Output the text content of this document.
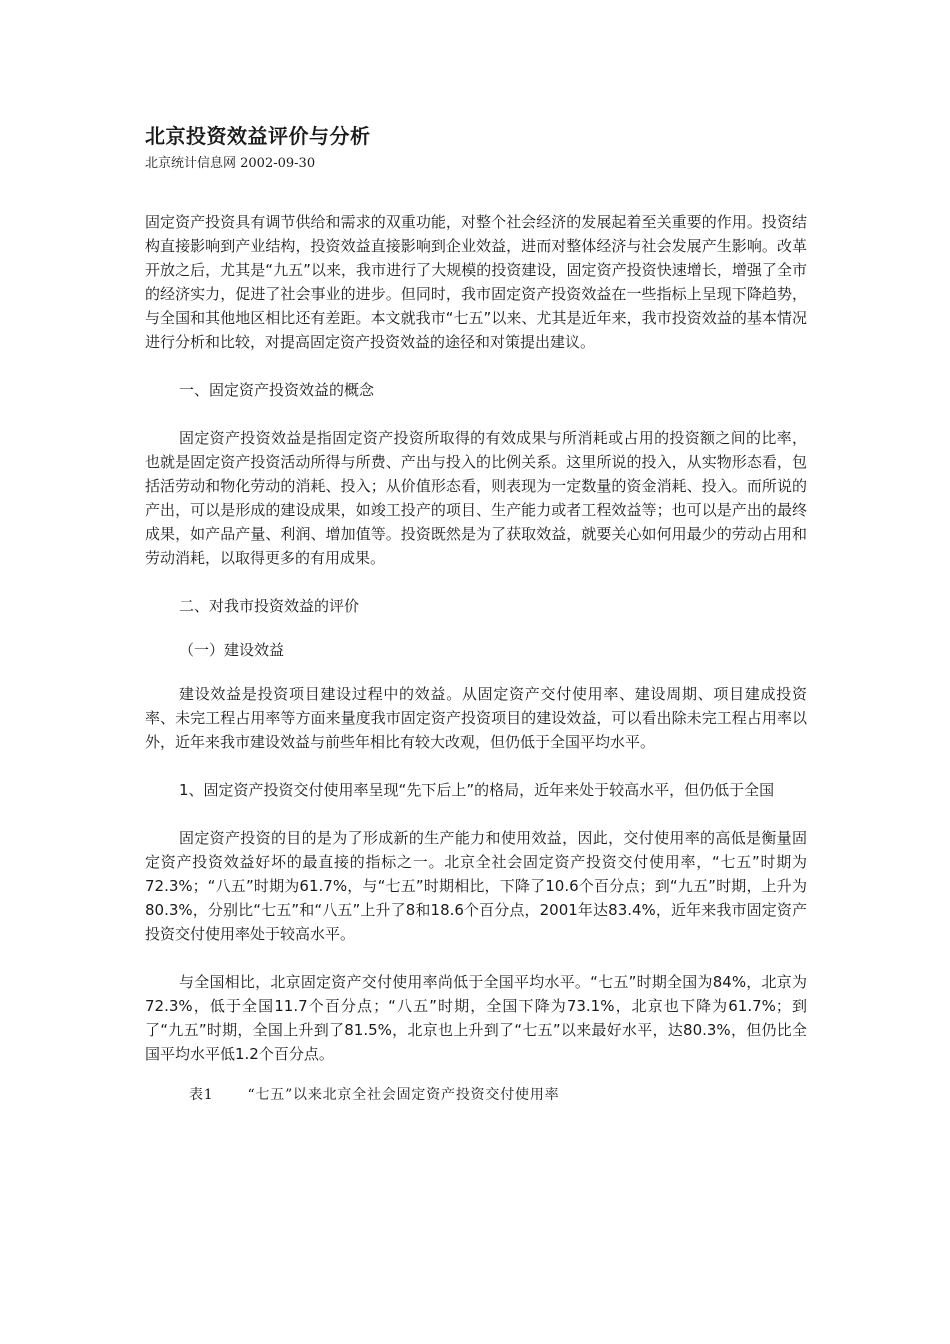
北京投资效益评价与分析

北京统计信息网 2002-09-30

固定资产投资具有调节供给和需求的双重功能，对整个社会经济的发展起着至关重要的作用。投资结构直接影响到产业结构，投资效益直接影响到企业效益，进而对整体经济与社会发展产生影响。改革开放之后，尤其是“九五”以来，我市进行了大规模的投资建设，固定资产投资快速增长，增强了全市的经济实力，促进了社会事业的进步。但同时，我市固定资产投资效益在一些指标上呈现下降趋势，与全国和其他地区相比还有差距。本文就我市“七五”以来、尤其是近年来，我市投资效益的基本情况进行分析和比较，对提高固定资产投资效益的途径和对策提出建议。

一、固定资产投资效益的概念

固定资产投资效益是指固定资产投资所取得的有效成果与所消耗或占用的投资额之间的比率，也就是固定资产投资活动所得与所费、产出与投入的比例关系。这里所说的投入，从实物形态看，包括活劳动和物化劳动的消耗、投入；从价值形态看，则表现为一定数量的资金消耗、投入。而所说的产出，可以是形成的建设成果，如竣工投产的项目、生产能力或者工程效益等；也可以是产出的最终成果，如产品产量、利润、增加值等。投资既然是为了获取效益，就要关心如何用最少的劳动占用和劳动消耗，以取得更多的有用成果。

二、对我市投资效益的评价

（一）建设效益

建设效益是投资项目建设过程中的效益。从固定资产交付使用率、建设周期、项目建成投资率、未完工程占用率等方面来量度我市固定资产投资项目的建设效益，可以看出除未完工程占用率以外，近年来我市建设效益与前些年相比有较大改观，但仍低于全国平均水平。

1、固定资产投资交付使用率呈现“先下后上”的格局，近年来处于较高水平，但仍低于全国

固定资产投资的目的是为了形成新的生产能力和使用效益，因此，交付使用率的高低是衡量固定资产投资效益好坏的最直接的指标之一。北京全社会固定资产投资交付使用率，“七五”时期为72.3%；“八五”时期为61.7%，与“七五”时期相比，下降了10.6个百分点；到“九五”时期，上升为80.3%，分别比“七五”和“八五”上升了8和18.6个百分点，2001年达83.4%，近年来我市固定资产投资交付使用率处于较高水平。

与全国相比，北京固定资产交付使用率尚低于全国平均水平。“七五”时期全国为84%，北京为72.3%，低于全国11.7个百分点；“八五”时期，全国下降为73.1%，北京也下降为61.7%；到了“九五”时期，全国上升到了81.5%，北京也上升到了“七五”以来最好水平，达80.3%，但仍比全国平均水平低1.2个百分点。

表1 “七五”以来北京全社会固定资产投资交付使用率
